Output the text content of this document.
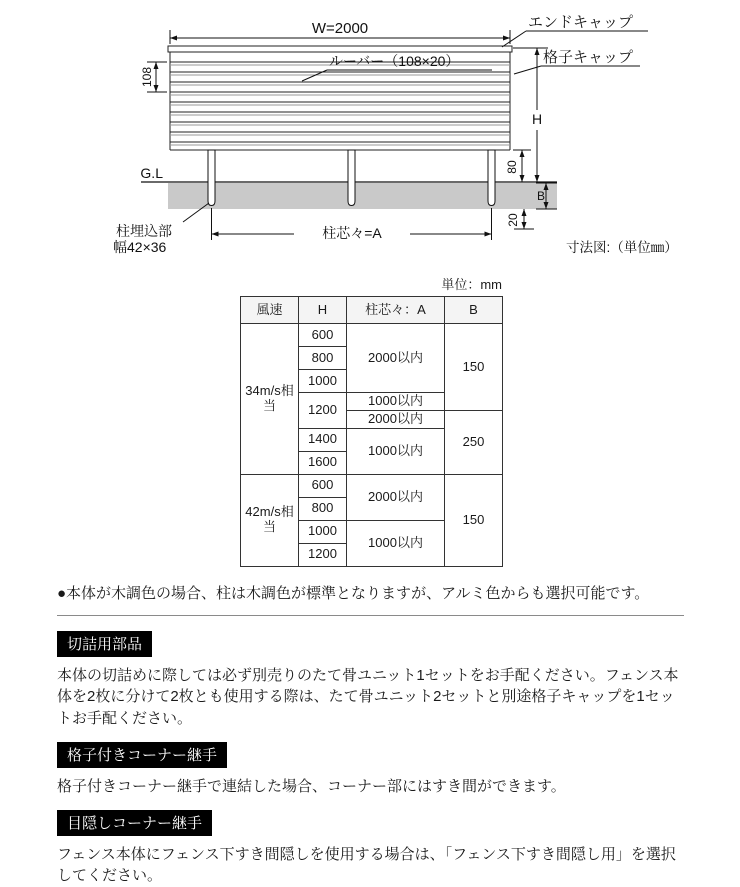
W=2000	エンドキャップ
格子キャップ
ルーバー（108×20）
108
G.L
H
80
B
20
柱埋込部
幅42×36
柱芯々=A
寸法図:（単位㎜）
単位：mm
風速	H	柱芯々：A	B
34m/s相当	600	2000以内	150
	800		
	1000		
	1200	1000以内	
		2000以内	250
	1400	1000以内	
	1600		
42m/s相当	600	2000以内	150
	800		
	1000	1000以内	
	1200		

●本体が木調色の場合、柱は木調色が標準となりますが、アルミ色からも選択可能です。

切詰用部品

本体の切詰めに際しては必ず別売りのたて骨ユニット1セットをお手配ください。フェンス本体を2枚に分けて2枚とも使用する際は、たて骨ユニット2セットと別途格子キャップを1セットお手配ください。

格子付きコーナー継手

格子付きコーナー継手で連結した場合、コーナー部にはすき間ができます。

目隠しコーナー継手

フェンス本体にフェンス下すき間隠しを使用する場合は、「フェンス下すき間隠し用」を選択してください。
